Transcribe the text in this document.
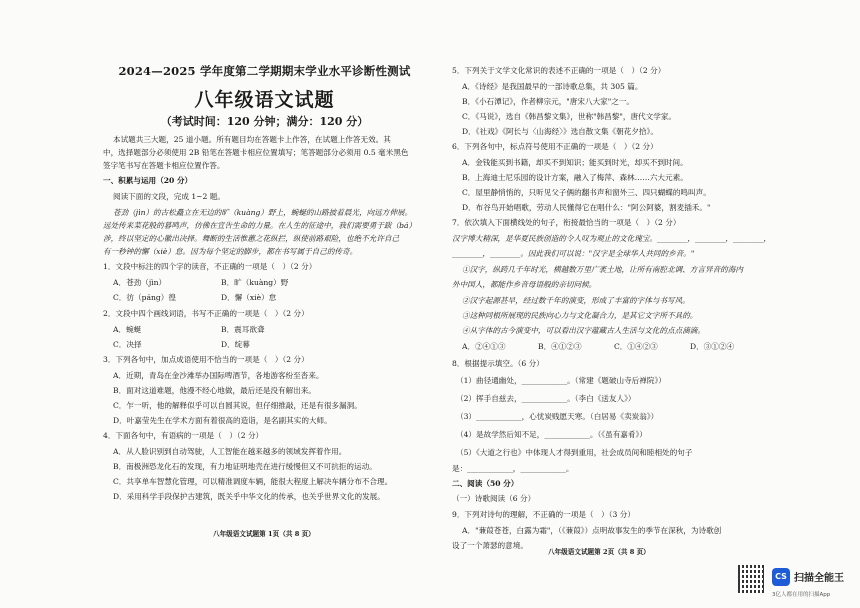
2024—2025 学年度第二学期期末学业水平诊断性测试
八年级语文试题
（考试时间：120 分钟；满分：120 分）
本试题共三大题，25 道小题。所有题目均在答题卡上作答，在试题上作答无效。其
中，选择题部分必须使用 2B 铅笔在答题卡相应位置填写；笔答题部分必须用 0.5 毫米黑色
签字笔书写在答题卡相应位置作答。
一、积累与运用（20 分）
阅读下面的文段，完成 1~2 题。
苍劲（jìn）的古松矗立在无边的旷（kuàng）野上，蜿蜒的山路披着晨光，向远方伸展。
远处传来菜花般的暮鸣声，仿佛在宣告生命的力量。在人生的征途中，我们需要勇于跋（bá）
涉，终以坚定的心徽出决择。舞断的生活惟蕙之花纵拦，纵使前路艰险，也绝不允许自己
有一秒钟的懈（xiè）怠。因为每个坚定的脚步，都在书写属于自己的传奇。
1．文段中标注的四个字的读音，不正确的一项是（　）（2 分）
A．苍劲（jìn）	B．旷（kuàng）野
C．彷（páng）徨	D．懈（xiè）怠
2．文段中四个画线词语，书写不正确的一项是（　）（2 分）
A．蜿蜒	B．震耳欲聋
C．决择	D．绽幕
3．下列各句中，加点成语使用不恰当的一项是（　）（2 分）
A．近期，青岛在金沙滩举办国际啤酒节，各地游客纷至沓来。
B．面对这道难题，他漫不经心地做，最后还是没有解出来。
C．乍一听，他的解释似乎可以自圆其说，但仔细推敲，还是有很多漏洞。
D．叶嘉莹先生在学术方面有着很高的造诣，是名副其实的大师。
4．下面各句中，有语病的一项是（　）（2 分）
A．从人脸识别到自动驾驶，人工智能在越来越多的领域发挥着作用。
B．南极洲恐龙化石的发现，有力地证明地壳在进行缓慢但又不可抗拒的运动。
C．共享单车智慧化管理，可以精准调度车辆，能很大程度上解决车辆分布不合理。
D．采用科学手段保护古建筑，既关乎中华文化的传承，也关乎世界文化的发展。
八年级语文试题第 1页（共 8 页）
5．下列关于文学文化常识的表述不正确的一项是（　）（2 分）
A．《诗经》是我国最早的一部诗歌总集，共 305 篇。
B．《小石潭记》，作者柳宗元，"唐宋八大家"之一。
C．《马说》，选自《韩昌黎文集》，世称"韩昌黎"，唐代文学家。
D．《社戏》《阿长与〈山海经〉》选自散文集《朝花夕拾》。
6．下列各句中，标点符号使用不正确的一项是（　）（2 分）
A．金钱能买到书籍，却买不到知识；能买到时光，却买不到时间。
B．上海迪士尼乐园的设计方案，融入了梅萍、森林……六大元素。
C．屋里静悄悄的，只听见父子俩的翻书声和窗外三、四只蝴蝶的鸣叫声。
D．布谷鸟开始唱歌，劳动人民懂得它在唱什么："阿公阿婆，割麦插禾。"
7．依次填入下面横线处的句子，衔接最恰当的一项是（　）（2 分）
汉字博大精深，是华夏民族创造的令人叹为观止的文化瑰宝。________，________，________，
________，________。因此我们可以说："汉字是全球华人共同的乡音。"
①汉字，纵跨几千年时光，横越数万里广袤土地，让所有南腔北调、方言异音的海内
外中国人，都能作乡音母语般的亲切问候。
②汉字起源甚早，经过数千年的演变，形成了丰富的字体与书写风。
③这种同根所展现的民族向心力与文化凝合力，是其它文字所不具的。
④从字体的古今演变中，可以看出汉字蕴藏古人生活与文化的点点滴滴。
A．②④①③	B．④①②③	C．①④②③	D．③①②④
8．根据提示填空。（6 分）
（1）曲径通幽处，____________。（常建《题破山寺后禅院》）
（2）挥手自兹去，____________。（李白《送友人》）
（3）____________，心忧炭贱愿天寒。（白居易《卖炭翁》）
（4）是故学然后知不足，____________。（《虽有嘉肴》）
（5）《大道之行也》中体现人才得到重用，社会成员间和睦相处的句子
是：____________，____________。
二、阅读（50 分）
（一）诗歌阅读（6 分）
9．下列对诗句的理解，不正确的一项是（　）（3 分）
A．"蒹葭苍苍，白露为霜"，（《蒹葭》）点明故事发生的季节在深秋，为诗歌创
设了一个萧瑟的意境。
八年级语文试题第 2页（共 8 页）
CS 扫描全能王
3亿人都在用的扫描App
